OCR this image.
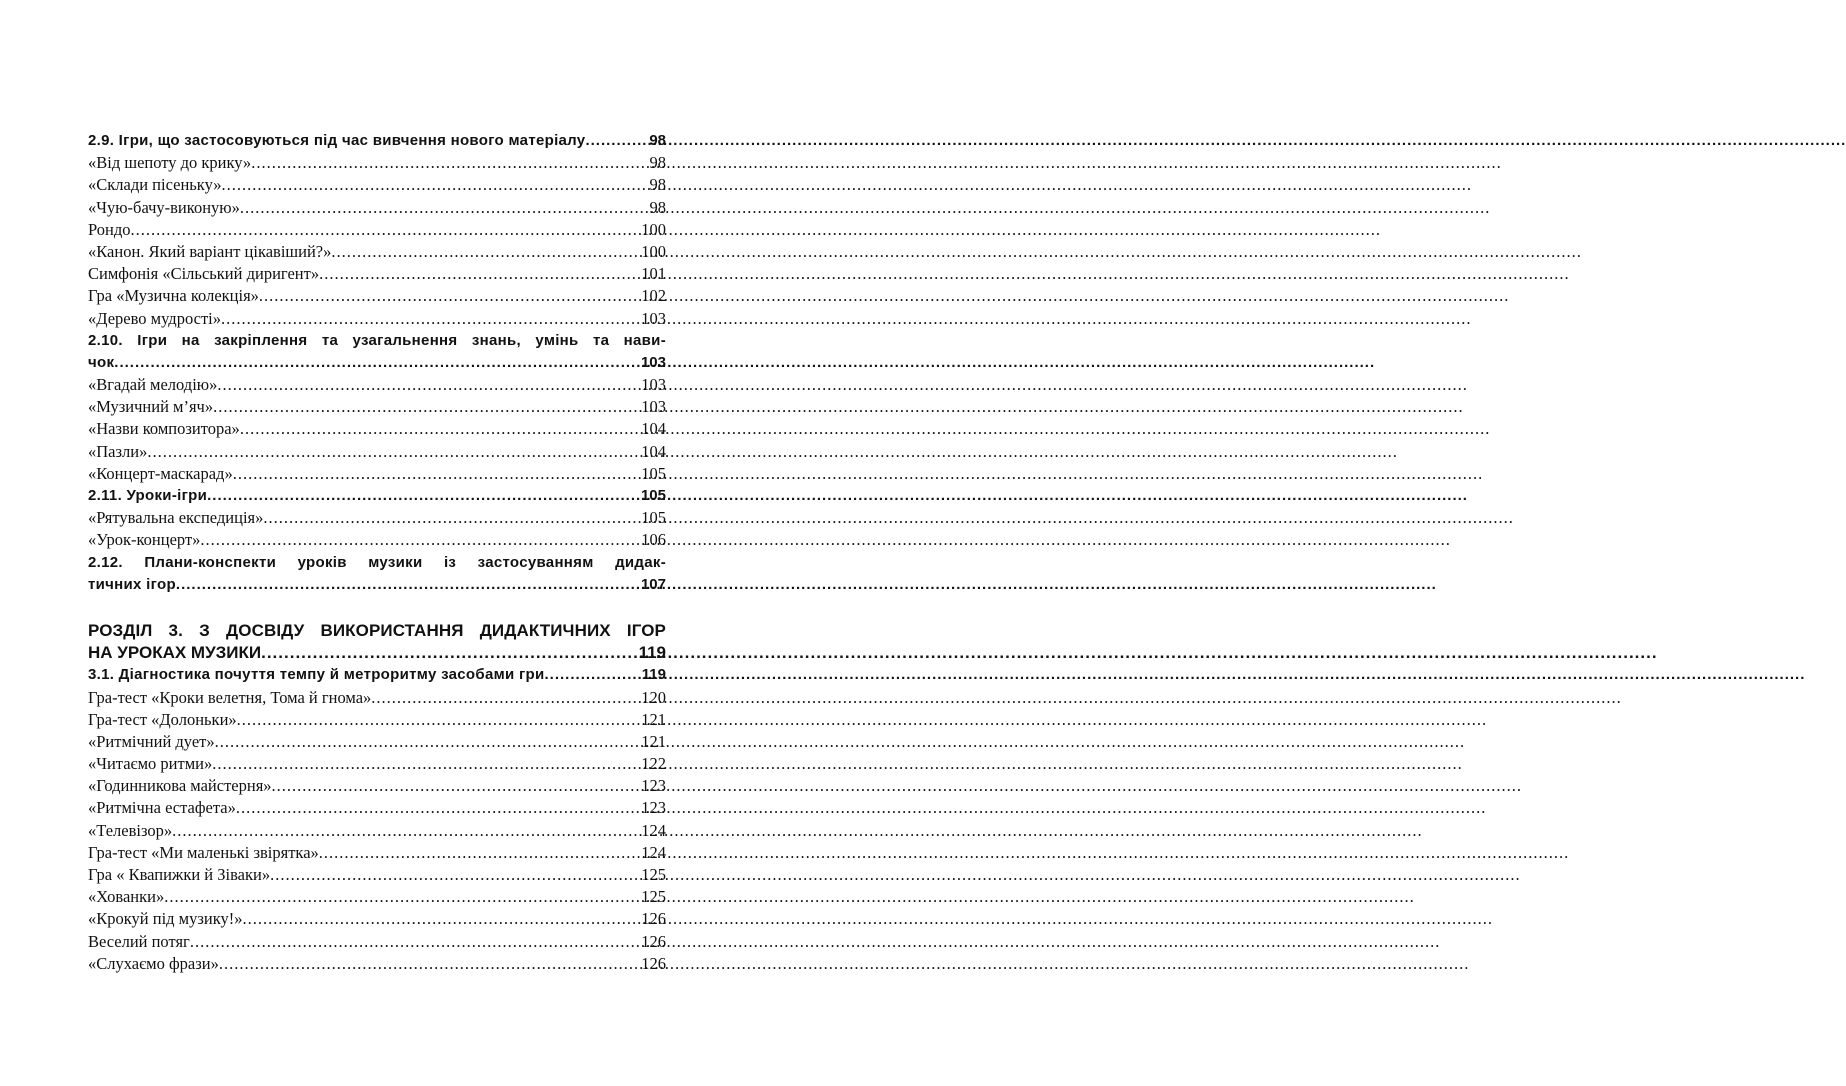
2.9. Ігри, що застосовуються під час вивчення нового матеріалу .....	98
«Від шепоту до крику» .....	98
«Склади пісеньку» .....	98
«Чую-бачу-виконую» .....	98
Рондо .....	100
«Канон. Який варіант цікавіший?» .....	100
Симфонія «Сільський диригент» .....	101
Гра «Музична колекція» .....	102
«Дерево мудрості» .....	103
2.10. Ігри на закріплення та узагальнення знань, умінь та нави-
чок .....	103
«Вгадай мелодію» .....	103
«Музичний м’яч» .....	103
«Назви композитора» .....	104
«Пазли» .....	104
«Концерт-маскарад» .....	105
2.11. Уроки-ігри .....	105
«Рятувальна експедиція» .....	105
«Урок-концерт» .....	106
2.12. Плани-конспекти уроків музики із застосуванням дидак-
тичних ігор .....	107
РОЗДІЛ 3. З ДОСВІДУ ВИКОРИСТАННЯ ДИДАКТИЧНИХ ІГОР
НА УРОКАХ МУЗИКИ .....	119
3.1. Діагностика почуття темпу й метроритму засобами гри .....	119
Гра-тест «Кроки велетня, Тома й гнома» .....	120
Гра-тест «Долоньки» .....	121
«Ритмічний дует» .....	121
«Читаємо ритми» .....	122
«Годинникова майстерня» .....	123
«Ритмічна естафета» .....	123
«Телевізор» .....	124
Гра-тест «Ми маленькі звірятка» .....	124
Гра « Квапижки й Зіваки» .....	125
«Хованки» .....	125
«Крокуй під музику!» .....	126
Веселий потяг .....	126
«Слухаємо фрази» .....	126
